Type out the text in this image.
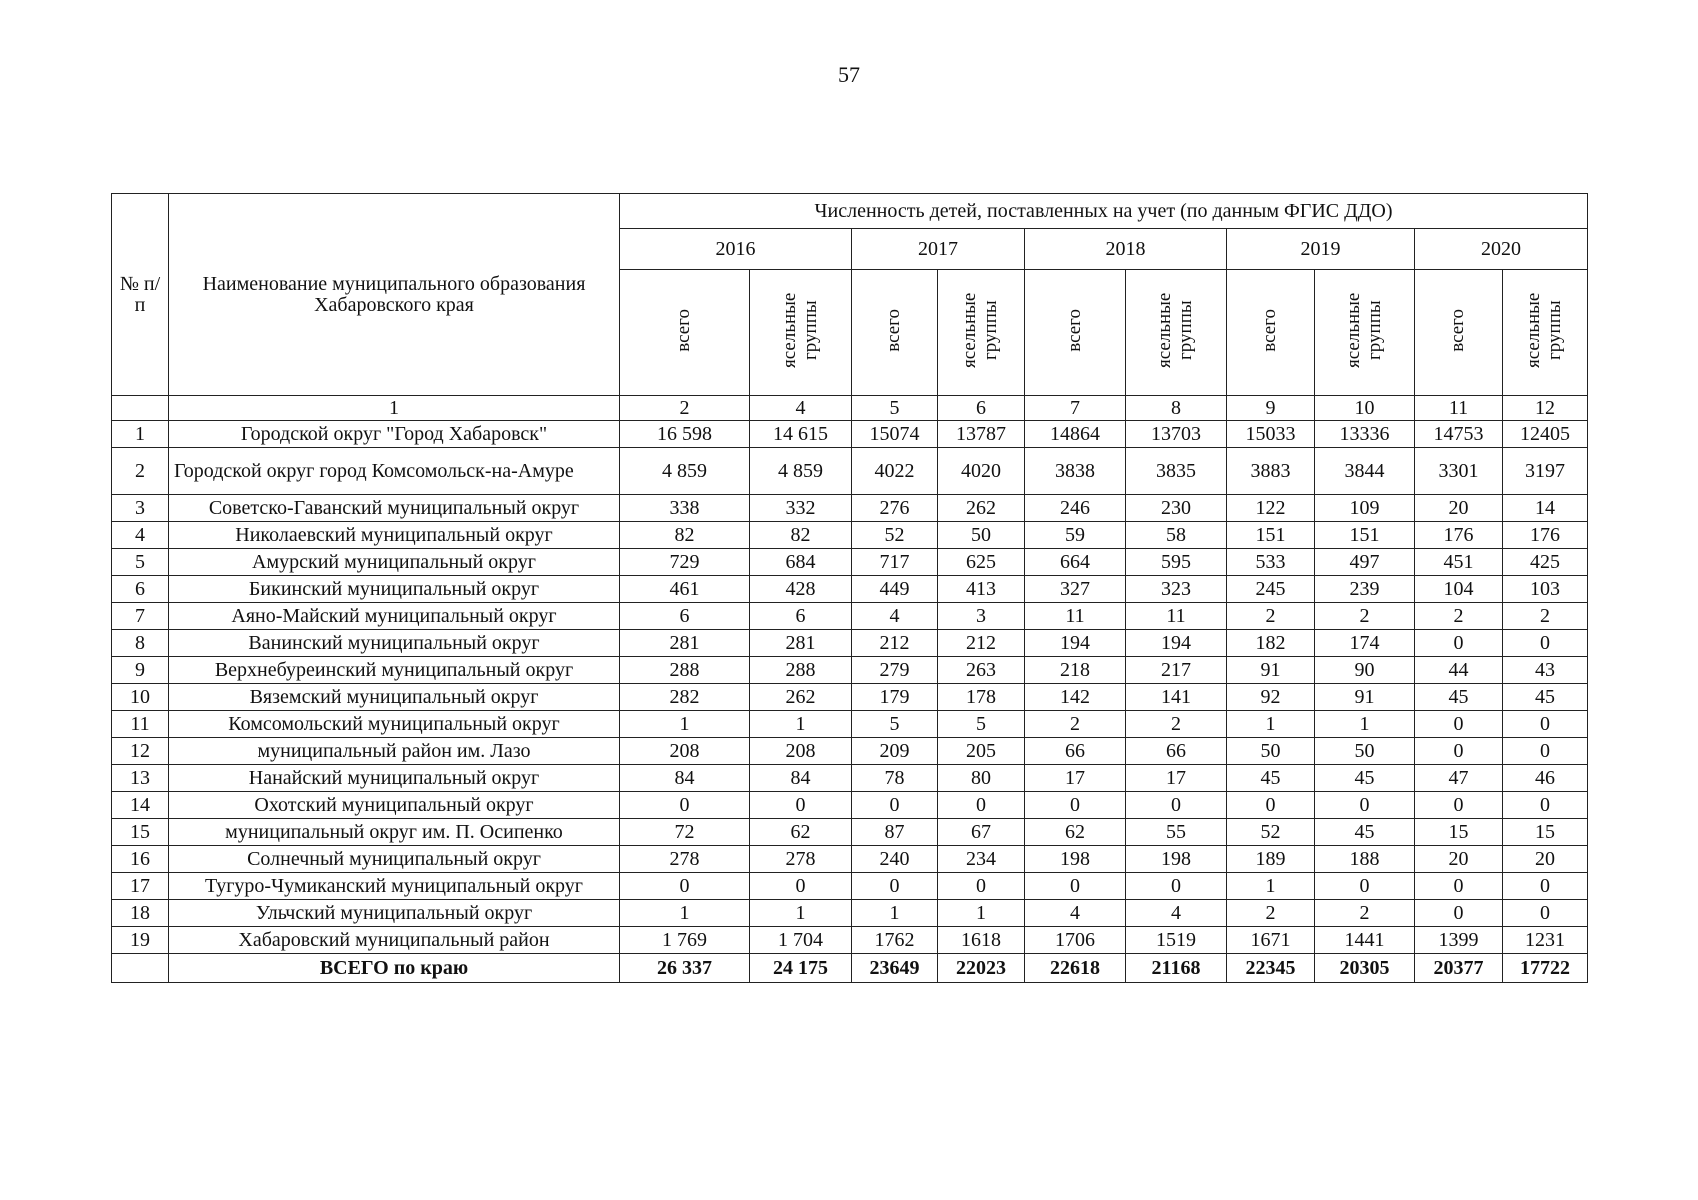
57
№ п/п	Наименование муниципального образования Хабаровского края	Численность детей, поставленных на учет (по данным ФГИС ДДО)									
		2016		2017		2018		2019		2020	
		всего	ясельные группы	всего	ясельные группы	всего	ясельные группы	всего	ясельные группы	всего	ясельные группы
	1	2	4	5	6	7	8	9	10	11	12
1	Городской округ "Город Хабаровск"	16 598	14 615	15074	13787	14864	13703	15033	13336	14753	12405
2	Городской округ город Комсомольск-на-Амуре	4 859	4 859	4022	4020	3838	3835	3883	3844	3301	3197
3	Советско-Гаванский муниципальный округ	338	332	276	262	246	230	122	109	20	14
4	Николаевский муниципальный округ	82	82	52	50	59	58	151	151	176	176
5	Амурский муниципальный округ	729	684	717	625	664	595	533	497	451	425
6	Бикинский муниципальный округ	461	428	449	413	327	323	245	239	104	103
7	Аяно-Майский муниципальный округ	6	6	4	3	11	11	2	2	2	2
8	Ванинский муниципальный округ	281	281	212	212	194	194	182	174	0	0
9	Верхнебуреинский муниципальный округ	288	288	279	263	218	217	91	90	44	43
10	Вяземский муниципальный округ	282	262	179	178	142	141	92	91	45	45
11	Комсомольский муниципальный округ	1	1	5	5	2	2	1	1	0	0
12	муниципальный район им. Лазо	208	208	209	205	66	66	50	50	0	0
13	Нанайский муниципальный округ	84	84	78	80	17	17	45	45	47	46
14	Охотский муниципальный округ	0	0	0	0	0	0	0	0	0	0
15	муниципальный округ им. П. Осипенко	72	62	87	67	62	55	52	45	15	15
16	Солнечный муниципальный округ	278	278	240	234	198	198	189	188	20	20
17	Тугуро-Чумиканский муниципальный округ	0	0	0	0	0	0	1	0	0	0
18	Ульчский муниципальный округ	1	1	1	1	4	4	2	2	0	0
19	Хабаровский муниципальный район	1 769	1 704	1762	1618	1706	1519	1671	1441	1399	1231
	ВСЕГО по краю	26 337	24 175	23649	22023	22618	21168	22345	20305	20377	17722
